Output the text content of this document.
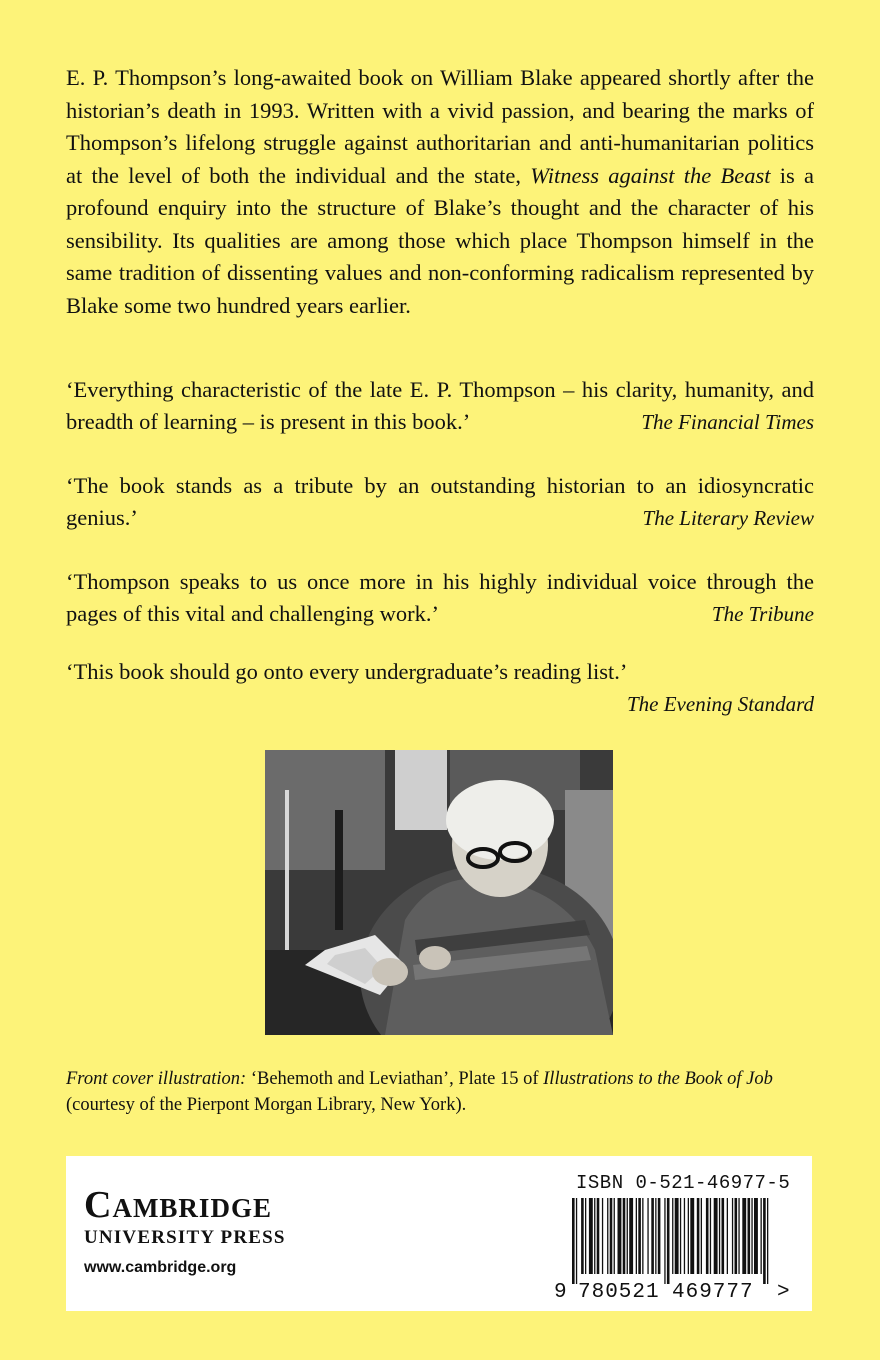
E. P. Thompson’s long-awaited book on William Blake appeared shortly after the historian’s death in 1993. Written with a vivid passion, and bearing the marks of Thompson’s lifelong struggle against authoritarian and anti-humanitarian politics at the level of both the individual and the state, Witness against the Beast is a profound enquiry into the structure of Blake’s thought and the character of his sensibility. Its qualities are among those which place Thompson himself in the same tradition of dissenting values and non-conforming radicalism represented by Blake some two hundred years earlier.

‘Everything characteristic of the late E. P. Thompson – his clarity, humanity, and breadth of learning – is present in this book.’	The Financial Times
‘The book stands as a tribute by an outstanding historian to an idiosyncratic genius.’	The Literary Review
‘Thompson speaks to us once more in his highly individual voice through the pages of this vital and challenging work.’	The Tribune
‘This book should go onto every undergraduate’s reading list.’
The Evening Standard

Front cover illustration: ‘Behemoth and Leviathan’, Plate 15 of Illustrations to the Book of Job (courtesy of the Pierpont Morgan Library, New York).

Cambridge
UNIVERSITY PRESS
www.cambridge.org
ISBN 0-521-46977-5
9 780521 469777 >
